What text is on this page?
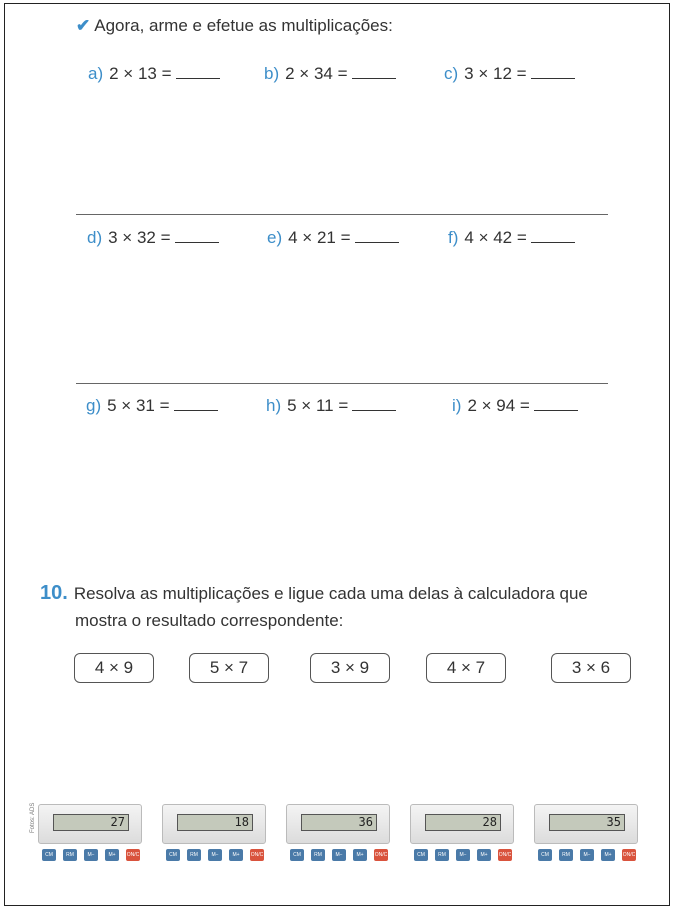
✔ Agora, arme e efetue as multiplicações:
a) 2 × 13 =	b) 2 × 34 =	c) 3 × 12 =
d) 3 × 32 =	e) 4 × 21 =	f) 4 × 42 =
g) 5 × 31 =	h) 5 × 11 =	i) 2 × 94 =
10. Resolva as multiplicações e ligue cada uma delas à calculadora que
mostra o resultado correspondente:
4 × 9	5 × 7	3 × 9	4 × 7	3 × 6
27
CM	RM	M−	M+	ON/C
18
CM	RM	M−	M+	ON/C
36
CM	RM	M−	M+	ON/C
28
CM	RM	M−	M+	ON/C
35
CM	RM	M−	M+	ON/C
Fotos: ADS
